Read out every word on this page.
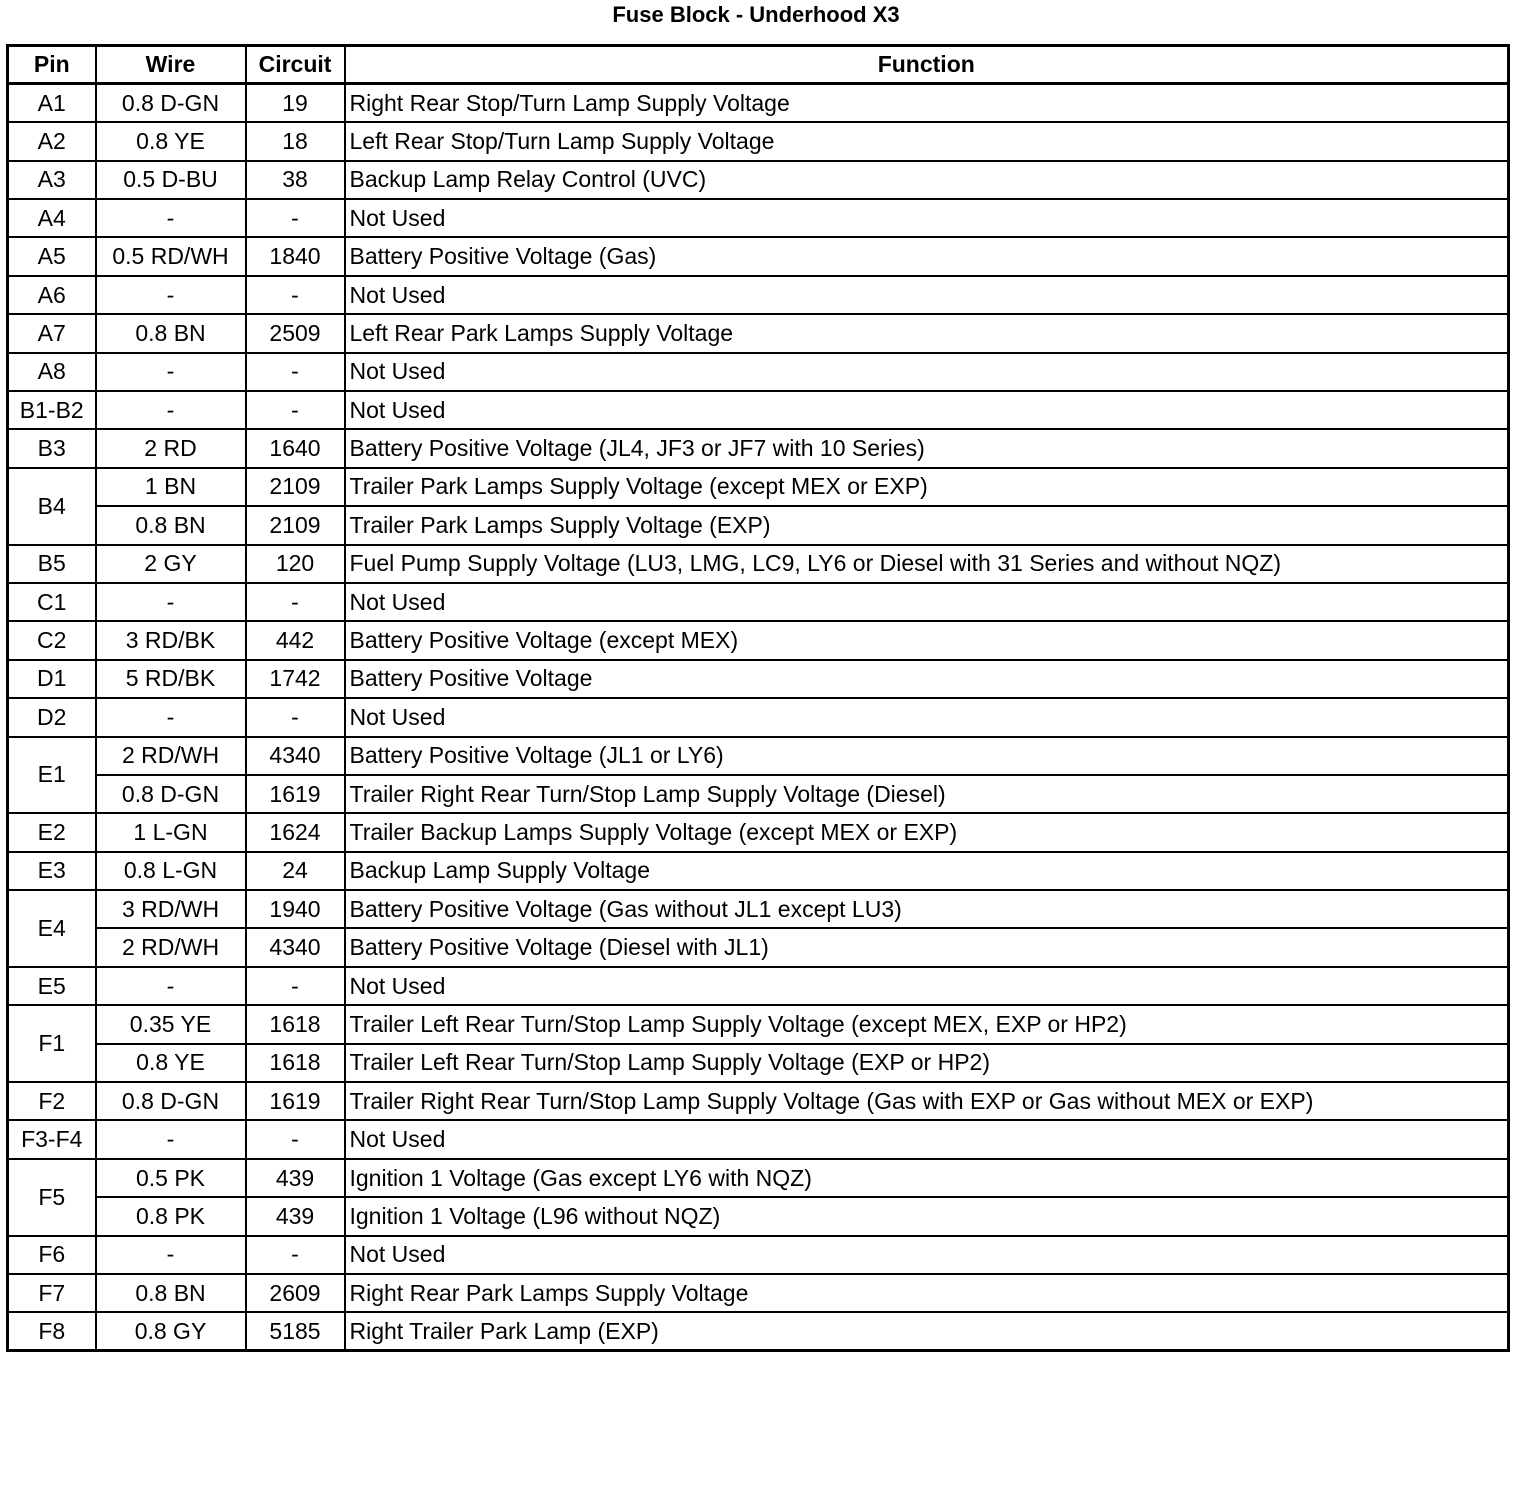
Fuse Block - Underhood X3
Pin	Wire	Circuit	Function
A1	0.8 D-GN	19	Right Rear Stop/Turn Lamp Supply Voltage
A2	0.8 YE	18	Left Rear Stop/Turn Lamp Supply Voltage
A3	0.5 D-BU	38	Backup Lamp Relay Control (UVC)
A4	-	-	Not Used
A5	0.5 RD/WH	1840	Battery Positive Voltage (Gas)
A6	-	-	Not Used
A7	0.8 BN	2509	Left Rear Park Lamps Supply Voltage
A8	-	-	Not Used
B1-B2	-	-	Not Used
B3	2 RD	1640	Battery Positive Voltage (JL4, JF3 or JF7 with 10 Series)
B4	1 BN	2109	Trailer Park Lamps Supply Voltage (except MEX or EXP)
	0.8 BN	2109	Trailer Park Lamps Supply Voltage (EXP)
B5	2 GY	120	Fuel Pump Supply Voltage (LU3, LMG, LC9, LY6 or Diesel with 31 Series and without NQZ)
C1	-	-	Not Used
C2	3 RD/BK	442	Battery Positive Voltage (except MEX)
D1	5 RD/BK	1742	Battery Positive Voltage
D2	-	-	Not Used
E1	2 RD/WH	4340	Battery Positive Voltage (JL1 or LY6)
	0.8 D-GN	1619	Trailer Right Rear Turn/Stop Lamp Supply Voltage (Diesel)
E2	1 L-GN	1624	Trailer Backup Lamps Supply Voltage (except MEX or EXP)
E3	0.8 L-GN	24	Backup Lamp Supply Voltage
E4	3 RD/WH	1940	Battery Positive Voltage (Gas without JL1 except LU3)
	2 RD/WH	4340	Battery Positive Voltage (Diesel with JL1)
E5	-	-	Not Used
F1	0.35 YE	1618	Trailer Left Rear Turn/Stop Lamp Supply Voltage (except MEX, EXP or HP2)
	0.8 YE	1618	Trailer Left Rear Turn/Stop Lamp Supply Voltage (EXP or HP2)
F2	0.8 D-GN	1619	Trailer Right Rear Turn/Stop Lamp Supply Voltage (Gas with EXP or Gas without MEX or EXP)
F3-F4	-	-	Not Used
F5	0.5 PK	439	Ignition 1 Voltage (Gas except LY6 with NQZ)
	0.8 PK	439	Ignition 1 Voltage (L96 without NQZ)
F6	-	-	Not Used
F7	0.8 BN	2609	Right Rear Park Lamps Supply Voltage
F8	0.8 GY	5185	Right Trailer Park Lamp (EXP)
